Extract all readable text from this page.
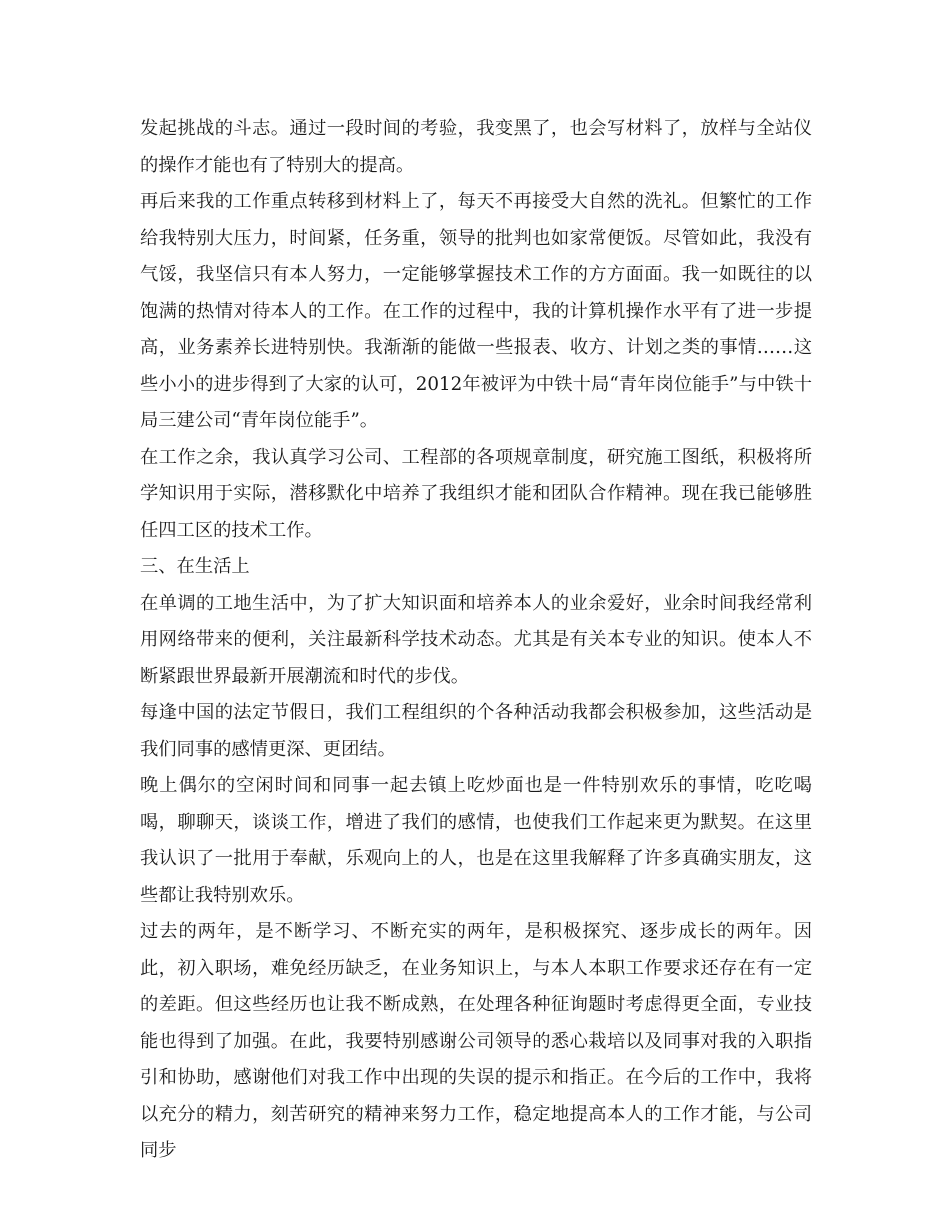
发起挑战的斗志。通过一段时间的考验，我变黑了，也会写材料了，放样与全站仪的操作才能也有了特别大的提高。

再后来我的工作重点转移到材料上了，每天不再接受大自然的洗礼。但繁忙的工作给我特别大压力，时间紧，任务重，领导的批判也如家常便饭。尽管如此，我没有气馁，我坚信只有本人努力，一定能够掌握技术工作的方方面面。我一如既往的以饱满的热情对待本人的工作。在工作的过程中，我的计算机操作水平有了进一步提高，业务素养长进特别快。我渐渐的能做一些报表、收方、计划之类的事情……这些小小的进步得到了大家的认可，2012年被评为中铁十局“青年岗位能手”与中铁十局三建公司“青年岗位能手”。

在工作之余，我认真学习公司、工程部的各项规章制度，研究施工图纸，积极将所学知识用于实际，潜移默化中培养了我组织才能和团队合作精神。现在我已能够胜任四工区的技术工作。

三、在生活上

在单调的工地生活中，为了扩大知识面和培养本人的业余爱好，业余时间我经常利用网络带来的便利，关注最新科学技术动态。尤其是有关本专业的知识。使本人不断紧跟世界最新开展潮流和时代的步伐。

每逢中国的法定节假日，我们工程组织的个各种活动我都会积极参加，这些活动是我们同事的感情更深、更团结。

晚上偶尔的空闲时间和同事一起去镇上吃炒面也是一件特别欢乐的事情，吃吃喝喝，聊聊天，谈谈工作，增进了我们的感情，也使我们工作起来更为默契。在这里我认识了一批用于奉献，乐观向上的人，也是在这里我解释了许多真确实朋友，这些都让我特别欢乐。

过去的两年，是不断学习、不断充实的两年，是积极探究、逐步成长的两年。因此，初入职场，难免经历缺乏，在业务知识上，与本人本职工作要求还存在有一定的差距。但这些经历也让我不断成熟，在处理各种征询题时考虑得更全面，专业技能也得到了加强。在此，我要特别感谢公司领导的悉心栽培以及同事对我的入职指引和协助，感谢他们对我工作中出现的失误的提示和指正。在今后的工作中，我将以充分的精力，刻苦研究的精神来努力工作，稳定地提高本人的工作才能，与公司同步
